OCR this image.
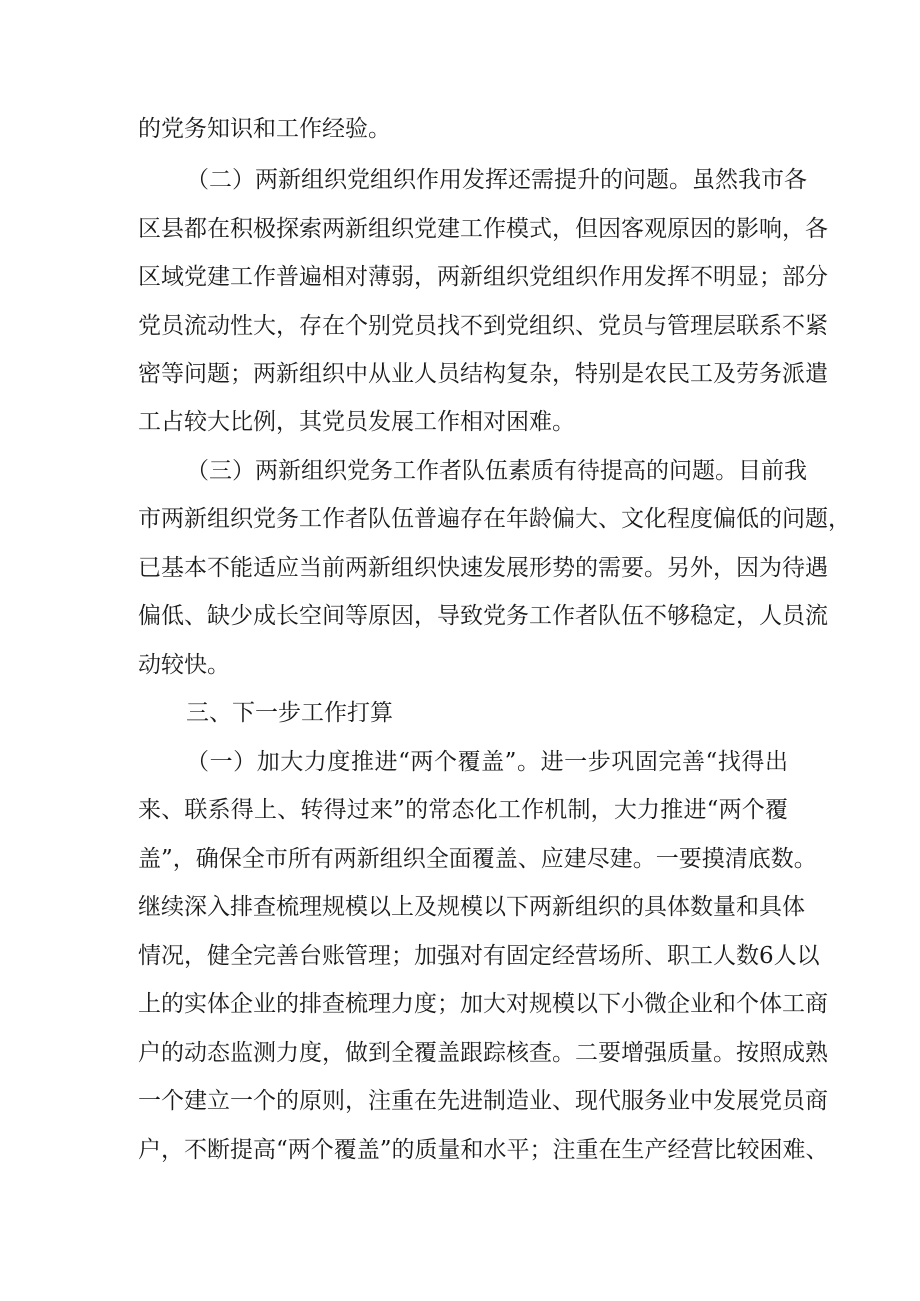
的党务知识和工作经验。
（二）两新组织党组织作用发挥还需提升的问题。虽然我市各
区县都在积极探索两新组织党建工作模式，但因客观原因的影响，各
区域党建工作普遍相对薄弱，两新组织党组织作用发挥不明显；部分
党员流动性大，存在个别党员找不到党组织、党员与管理层联系不紧
密等问题；两新组织中从业人员结构复杂，特别是农民工及劳务派遣
工占较大比例，其党员发展工作相对困难。
（三）两新组织党务工作者队伍素质有待提高的问题。目前我
市两新组织党务工作者队伍普遍存在年龄偏大、文化程度偏低的问题，
已基本不能适应当前两新组织快速发展形势的需要。另外，因为待遇
偏低、缺少成长空间等原因，导致党务工作者队伍不够稳定，人员流
动较快。
三、下一步工作打算
（一）加大力度推进“两个覆盖”。进一步巩固完善“找得出
来、联系得上、转得过来”的常态化工作机制，大力推进“两个覆
盖”，确保全市所有两新组织全面覆盖、应建尽建。一要摸清底数。
继续深入排查梳理规模以上及规模以下两新组织的具体数量和具体
情况，健全完善台账管理；加强对有固定经营场所、职工人数6人以
上的实体企业的排查梳理力度；加大对规模以下小微企业和个体工商
户的动态监测力度，做到全覆盖跟踪核查。二要增强质量。按照成熟
一个建立一个的原则，注重在先进制造业、现代服务业中发展党员商
户，不断提高“两个覆盖”的质量和水平；注重在生产经营比较困难、
